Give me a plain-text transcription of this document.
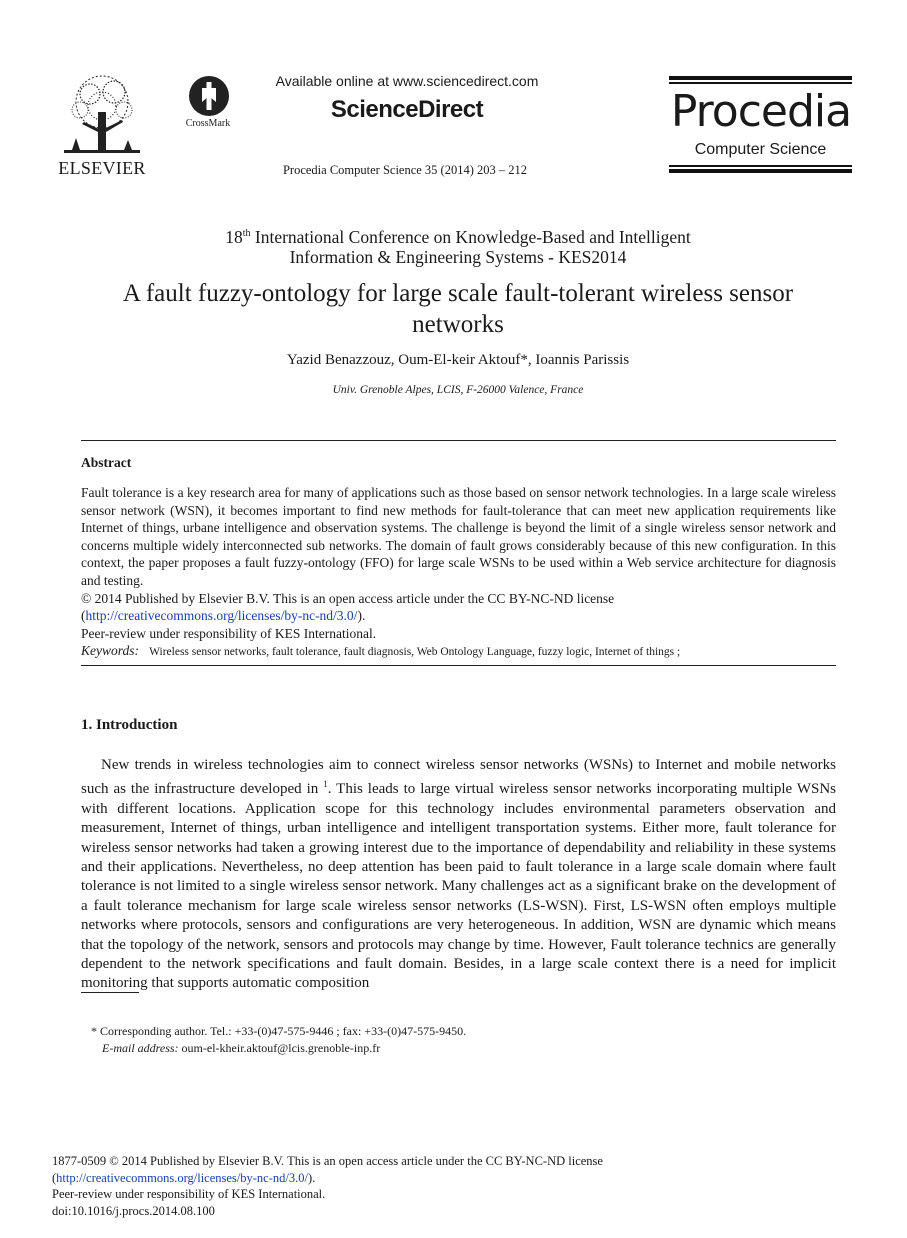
ELSEVIER
CrossMark
Available online at www.sciencedirect.com
ScienceDirect
Procedia Computer Science 35 (2014) 203 – 212
Procedia
Computer Science
18th International Conference on Knowledge-Based and Intelligent
Information & Engineering Systems - KES2014
A fault fuzzy-ontology for large scale fault-tolerant wireless sensor
networks
Yazid Benazzouz, Oum-El-keir Aktouf*, Ioannis Parissis
Univ. Grenoble Alpes, LCIS, F-26000 Valence, France
Abstract

Fault tolerance is a key research area for many of applications such as those based on sensor network technologies. In a large scale wireless sensor network (WSN), it becomes important to find new methods for fault-tolerance that can meet new application requirements like Internet of things, urbane intelligence and observation systems. The challenge is beyond the limit of a single wireless sensor network and concerns multiple widely interconnected sub networks. The domain of fault grows considerably because of this new configuration. In this context, the paper proposes a fault fuzzy-ontology (FFO) for large scale WSNs to be used within a Web service architecture for diagnosis and testing.

© 2014 Published by Elsevier B.V. This is an open access article under the CC BY-NC-ND license

(http://creativecommons.org/licenses/by-nc-nd/3.0/).

Peer-review under responsibility of KES International.

Keywords: Wireless sensor networks, fault tolerance, fault diagnosis, Web Ontology Language, fuzzy logic, Internet of things ;

1. Introduction

New trends in wireless technologies aim to connect wireless sensor networks (WSNs) to Internet and mobile networks such as the infrastructure developed in $^1$. This leads to large virtual wireless sensor networks incorporating multiple WSNs with different locations. Application scope for this technology includes environmental parameters observation and measurement, Internet of things, urban intelligence and intelligent transportation systems. Either more, fault tolerance for wireless sensor networks had taken a growing interest due to the importance of dependability and reliability in these systems and their applications. Nevertheless, no deep attention has been paid to fault tolerance in a large scale domain where fault tolerance is not limited to a single wireless sensor network. Many challenges act as a significant brake on the development of a fault tolerance mechanism for large scale wireless sensor networks (LS-WSN). First, LS-WSN often employs multiple networks where protocols, sensors and configurations are very heterogeneous. In addition, WSN are dynamic which means that the topology of the network, sensors and protocols may change by time. However, Fault tolerance technics are generally dependent to the network specifications and fault domain. Besides, in a large scale context there is a need for implicit monitoring that supports automatic composition

* Corresponding author. Tel.: +33-(0)47-575-9446 ; fax: +33-(0)47-575-9450.
E-mail address: oum-el-kheir.aktouf@lcis.grenoble-inp.fr
1877-0509 © 2014 Published by Elsevier B.V. This is an open access article under the CC BY-NC-ND license
(http://creativecommons.org/licenses/by-nc-nd/3.0/).
Peer-review under responsibility of KES International.
doi:10.1016/j.procs.2014.08.100
